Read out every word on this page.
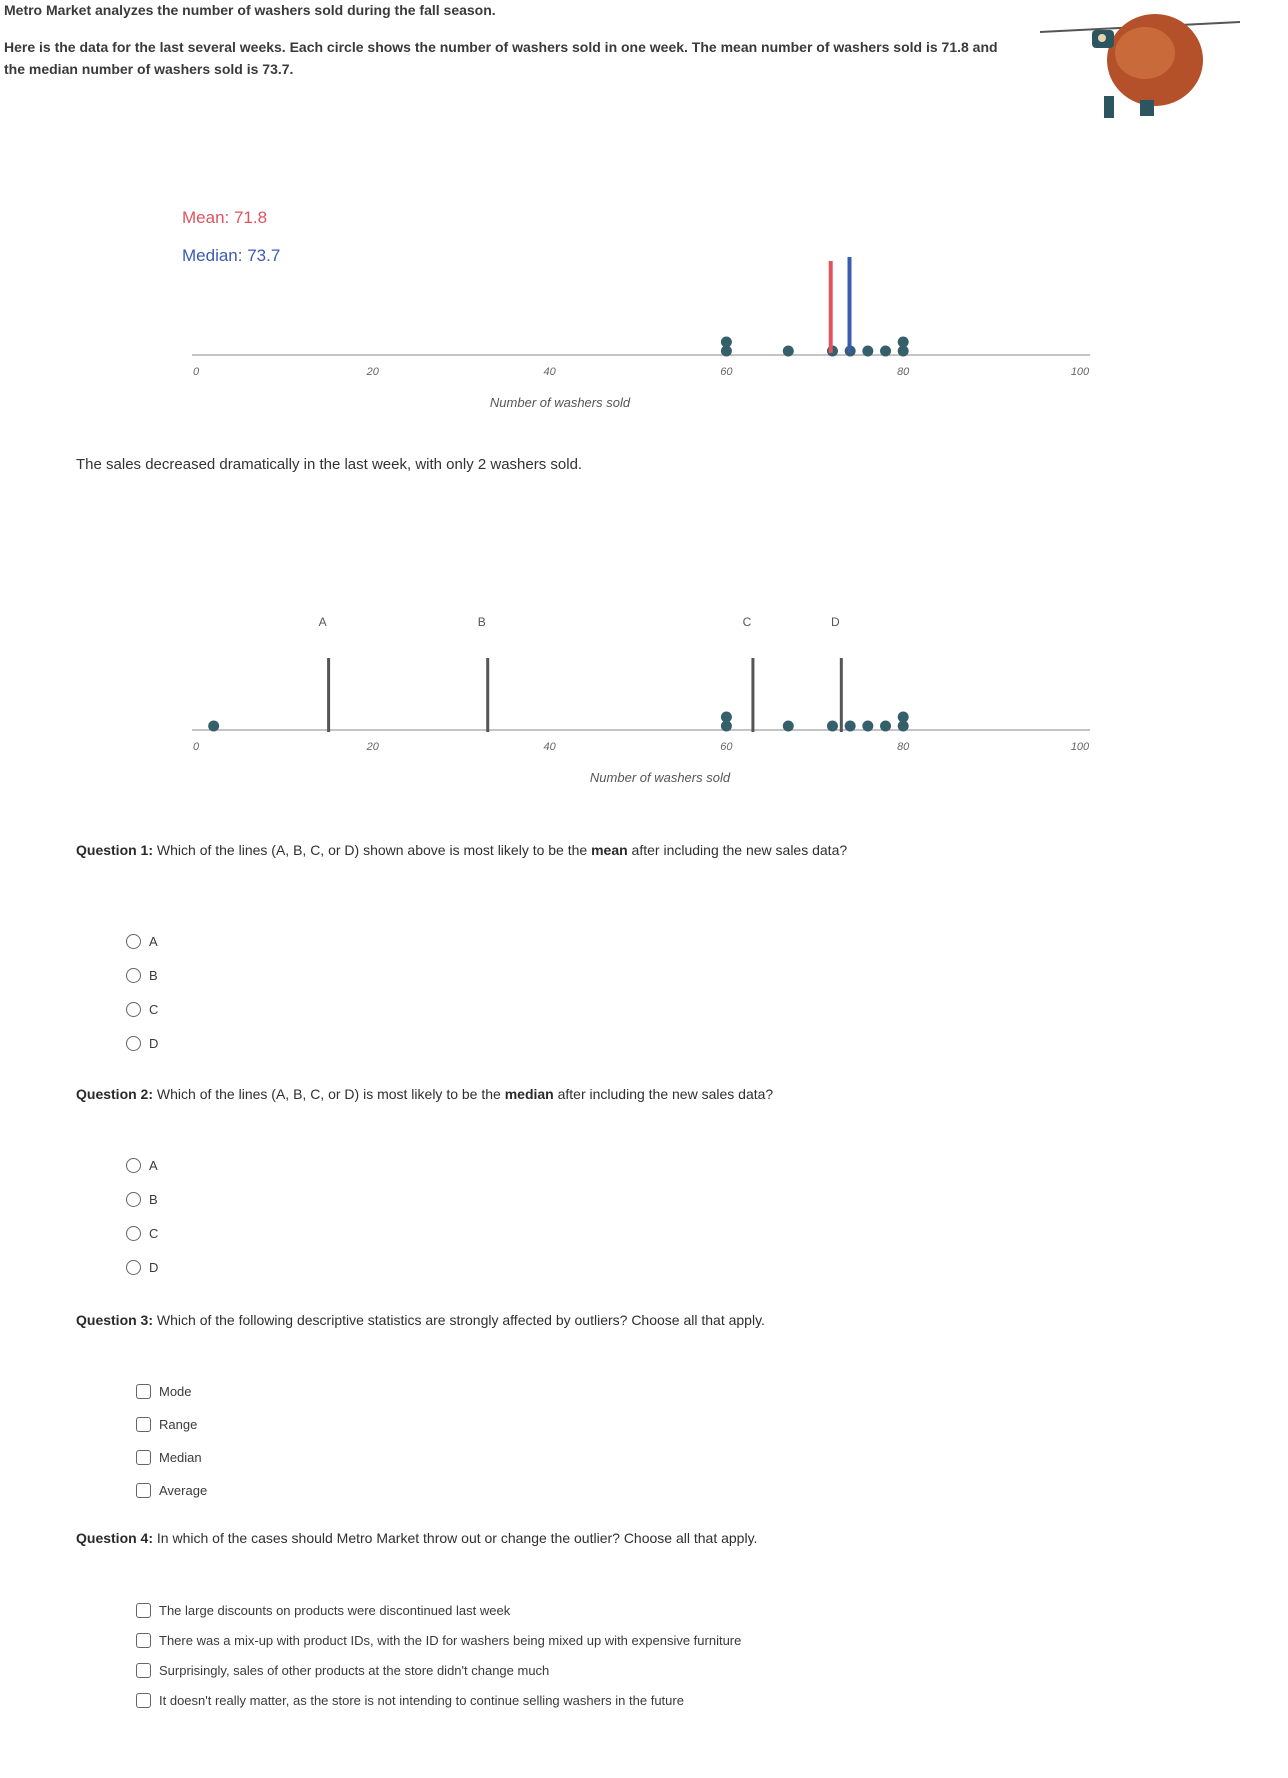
Metro Market analyzes the number of washers sold during the fall season.
Here is the data for the last several weeks. Each circle shows the number of washers sold in one week. The mean number of washers sold is 71.8 and the median number of washers sold is 73.7.
Mean: 71.8
Median: 73.7
0	20	40	60	80	100
Number of washers sold
The sales decreased dramatically in the last week, with only 2 washers sold.
0	20	40	60	80	100
A	B	C	D
Number of washers sold
Question 1: Which of the lines (A, B, C, or D) shown above is most likely to be the mean after including the new sales data?
A
B
C
D
Question 2: Which of the lines (A, B, C, or D) is most likely to be the median after including the new sales data?
A
B
C
D
Question 3: Which of the following descriptive statistics are strongly affected by outliers? Choose all that apply.
Mode
Range
Median
Average
Question 4: In which of the cases should Metro Market throw out or change the outlier? Choose all that apply.
The large discounts on products were discontinued last week
There was a mix-up with product IDs, with the ID for washers being mixed up with expensive furniture
Surprisingly, sales of other products at the store didn't change much
It doesn't really matter, as the store is not intending to continue selling washers in the future
